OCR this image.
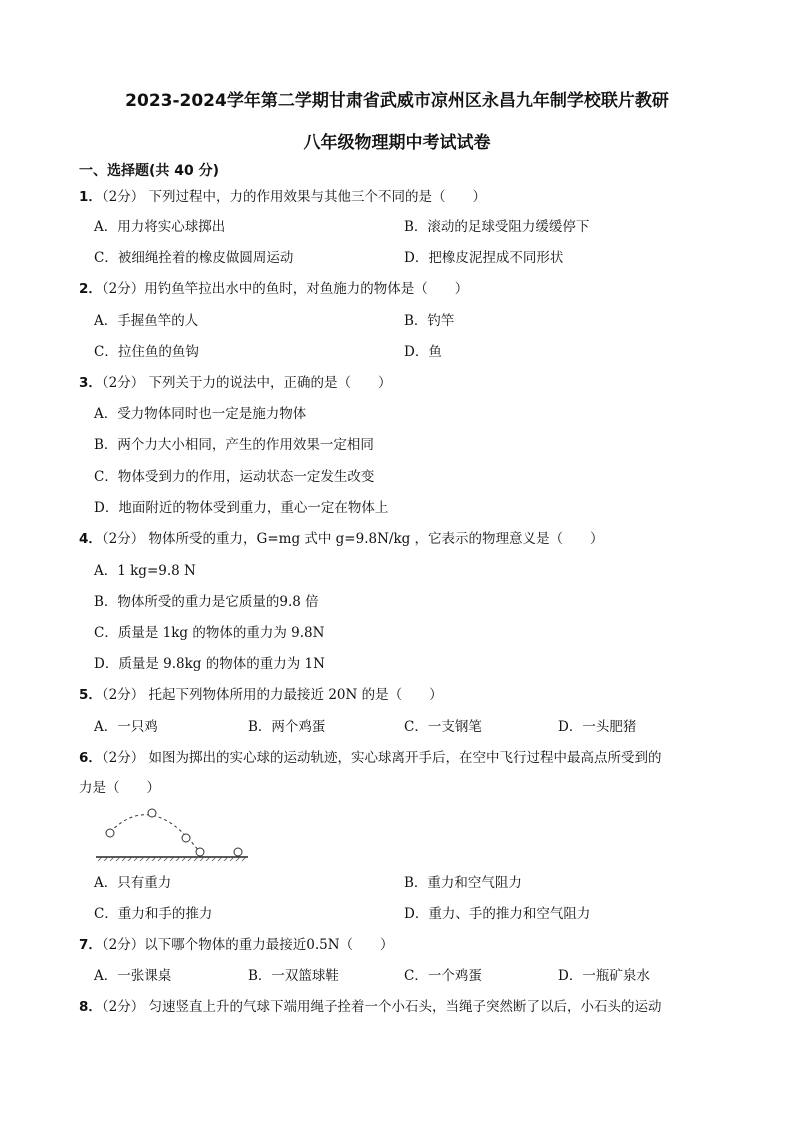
2023-2024学年第二学期甘肃省武威市凉州区永昌九年制学校联片教研
八年级物理期中考试试卷
一、选择题(共 40 分)
1．（2分） 下列过程中，力的作用效果与其他三个不同的是（　　）
A．用力将实心球掷出	B．滚动的足球受阻力缓缓停下
C．被细绳拴着的橡皮做圆周运动	D．把橡皮泥捏成不同形状
2．（2分）用钓鱼竿拉出水中的鱼时，对鱼施力的物体是（　　）
A．手握鱼竿的人	B．钓竿
C．拉住鱼的鱼钩	D．鱼
3．（2分） 下列关于力的说法中，正确的是（　　）
A．受力物体同时也一定是施力物体
B．两个力大小相同，产生的作用效果一定相同
C．物体受到力的作用，运动状态一定发生改变
D．地面附近的物体受到重力，重心一定在物体上
4．（2分） 物体所受的重力，G=mg 式中 g=9.8N/kg ，它表示的物理意义是（　　）
A．1 kg=9.8 N
B．物体所受的重力是它质量的9.8 倍
C．质量是 1kg 的物体的重力为 9.8N
D．质量是 9.8kg 的物体的重力为 1N
5．（2分） 托起下列物体所用的力最接近 20N 的是（　　）
A．一只鸡	B．两个鸡蛋	C．一支钢笔	D．一头肥猪
6．（2分） 如图为掷出的实心球的运动轨迹，实心球离开手后，在空中飞行过程中最高点所受到的
力是（　　）
A．只有重力	B．重力和空气阻力
C．重力和手的推力	D．重力、手的推力和空气阻力
7．（2分）以下哪个物体的重力最接近0.5N（　　）
A．一张课桌	B．一双篮球鞋	C．一个鸡蛋	D．一瓶矿泉水
8．（2分） 匀速竖直上升的气球下端用绳子拴着一个小石头，当绳子突然断了以后，小石头的运动
